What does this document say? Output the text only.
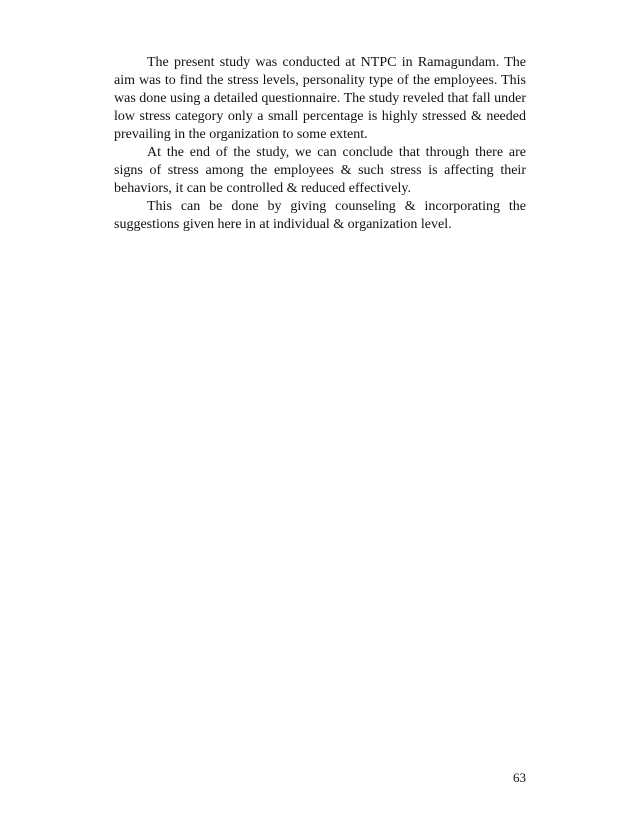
The present study was conducted at NTPC in Ramagundam. The aim was to find the stress levels, personality type of the employees. This was done using a detailed questionnaire. The study reveled that fall under low stress category only a small percentage is highly stressed & needed prevailing in the organization to some extent.

At the end of the study, we can conclude that through there are signs of stress among the employees & such stress is affecting their behaviors, it can be controlled & reduced effectively.

This can be done by giving counseling & incorporating the suggestions given here in at individual & organization level.

63
